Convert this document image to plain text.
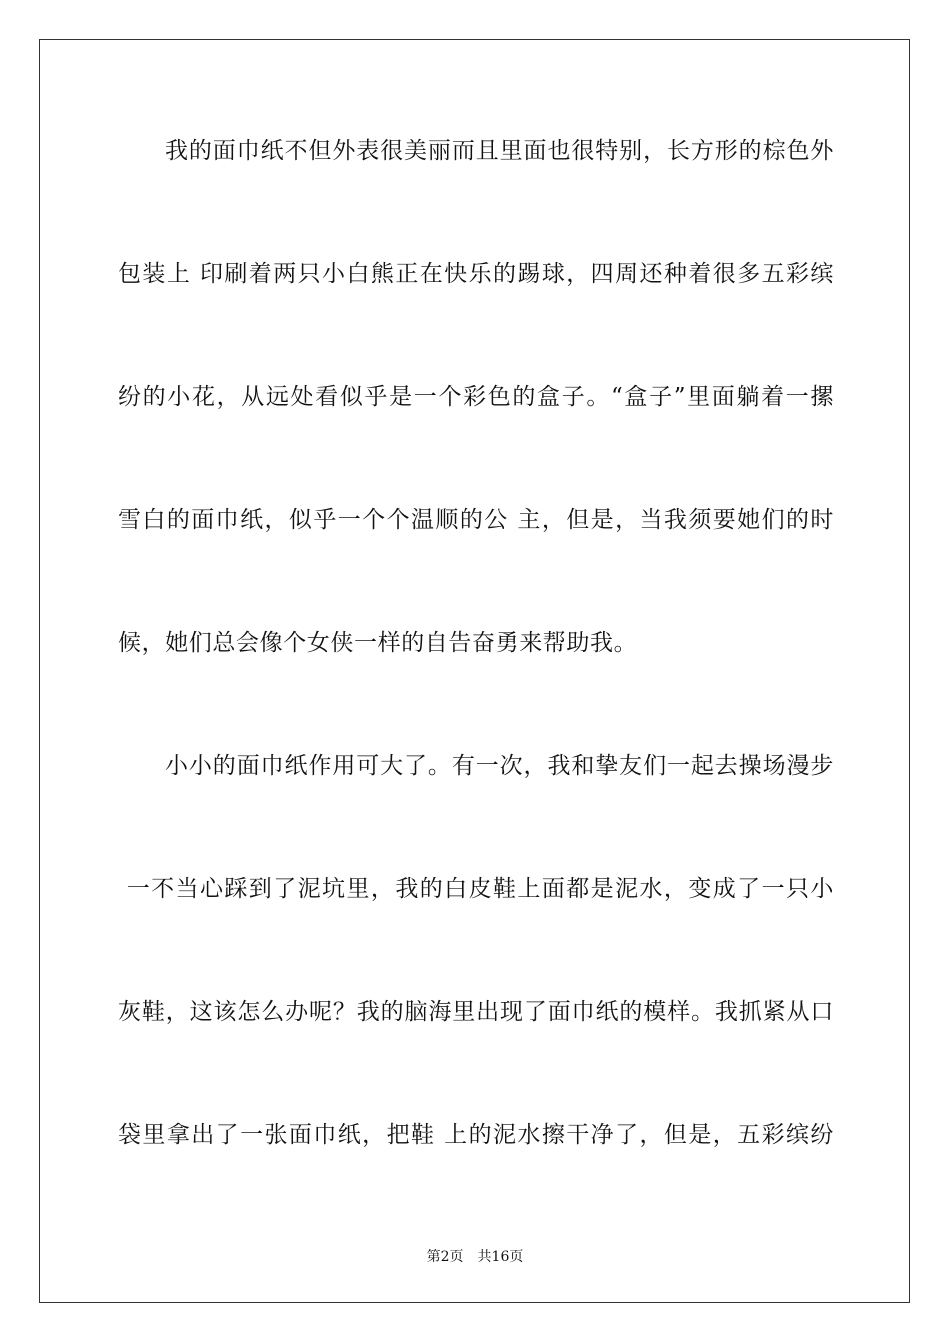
我的面巾纸不但外表很美丽而且里面也很特别，长方形的棕色外
包装上 印刷着两只小白熊正在快乐的踢球，四周还种着很多五彩缤
纷的小花，从远处看似乎是一个彩色的盒子。“盒子”里面躺着一摞
雪白的面巾纸，似乎一个个温顺的公 主，但是，当我须要她们的时
候，她们总会像个女侠一样的自告奋勇来帮助我。
小小的面巾纸作用可大了。有一次，我和挚友们一起去操场漫步
一不当心踩到了泥坑里，我的白皮鞋上面都是泥水，变成了一只小
灰鞋，这该怎么办呢？我的脑海里出现了面巾纸的模样。我抓紧从口
袋里拿出了一张面巾纸，把鞋 上的泥水擦干净了，但是，五彩缤纷
第2页 共16页
